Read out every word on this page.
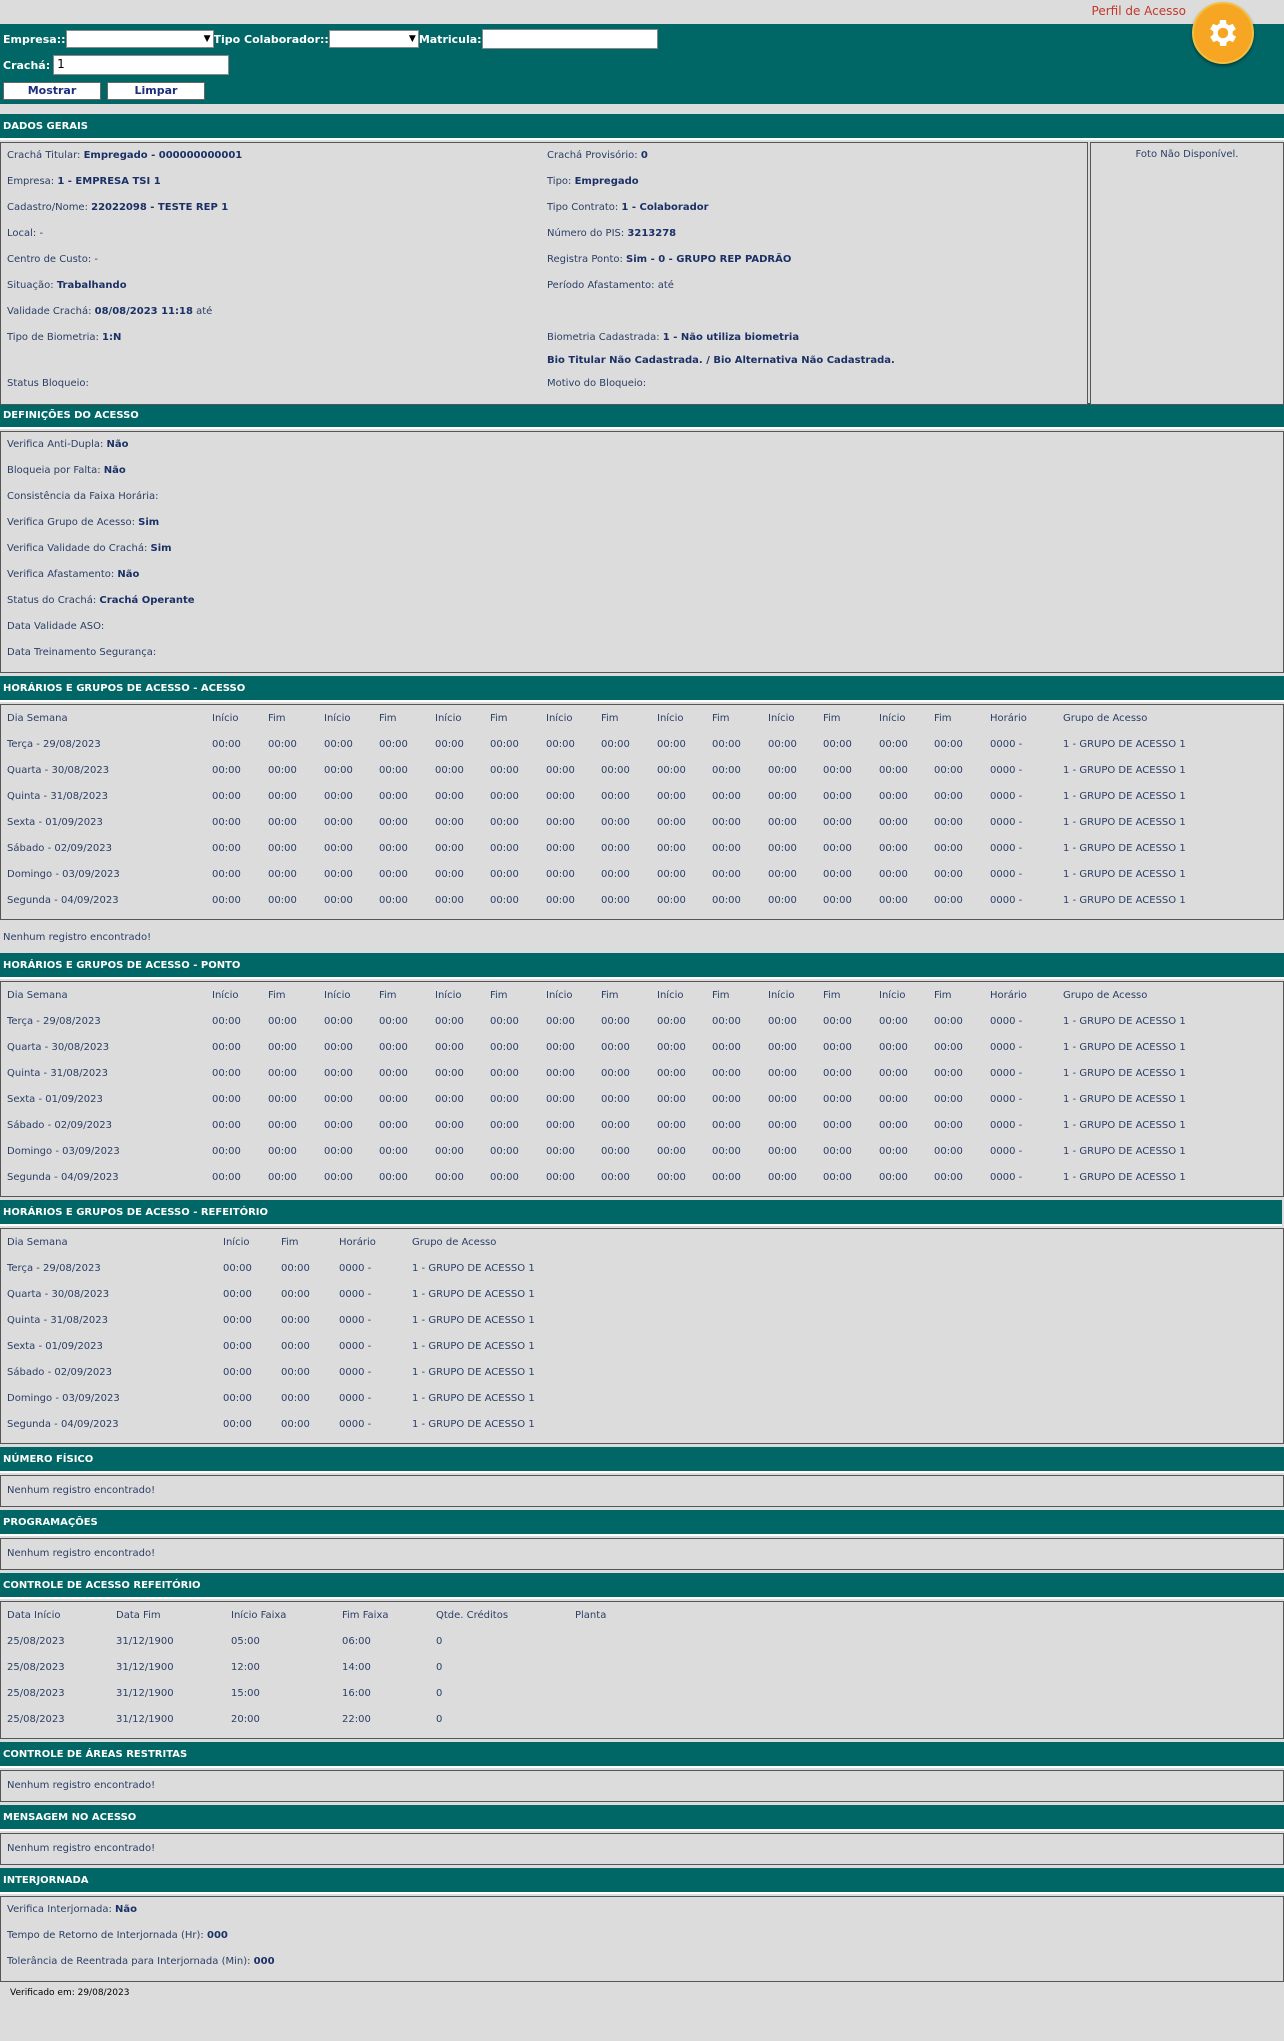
Perfil de Acesso
Empresa::	▼ Tipo Colaborador::	▼ Matricula:
Crachá: 1
Mostrar	Limpar
DADOS GERAIS
Crachá Titular: Empregado - 000000000001
Empresa: 1 - EMPRESA TSI 1
Cadastro/Nome: 22022098 - TESTE REP 1
Local: -
Centro de Custo: -
Situação: Trabalhando
Validade Crachá: 08/08/2023 11:18 até
Tipo de Biometria: 1:N
Crachá Provisório: 0
Tipo: Empregado
Tipo Contrato: 1 - Colaborador
Número do PIS: 3213278
Registra Ponto: Sim - 0 - GRUPO REP PADRÃO
Período Afastamento: até
Biometria Cadastrada: 1 - Não utiliza biometria
Bio Titular Não Cadastrada. / Bio Alternativa Não Cadastrada.
Status Bloqueio:	Motivo do Bloqueio:
Foto Não Disponível.
DEFINIÇÕES DO ACESSO
Verifica Anti-Dupla: Não
Bloqueia por Falta: Não
Consistência da Faixa Horária:
Verifica Grupo de Acesso: Sim
Verifica Validade do Crachá: Sim
Verifica Afastamento: Não
Status do Crachá: Crachá Operante
Data Validade ASO:
Data Treinamento Segurança:
HORÁRIOS E GRUPOS DE ACESSO - ACESSO
Dia Semana	Início	Fim	Início	Fim	Início	Fim	Início	Fim	Início	Fim	Início	Fim	Início	Fim	Horário	Grupo de Acesso
Terça - 29/08/2023	00:00	00:00	00:00	00:00	00:00	00:00	00:00	00:00	00:00	00:00	00:00	00:00	00:00	00:00	0000 -	1 - GRUPO DE ACESSO 1
Quarta - 30/08/2023	00:00	00:00	00:00	00:00	00:00	00:00	00:00	00:00	00:00	00:00	00:00	00:00	00:00	00:00	0000 -	1 - GRUPO DE ACESSO 1
Quinta - 31/08/2023	00:00	00:00	00:00	00:00	00:00	00:00	00:00	00:00	00:00	00:00	00:00	00:00	00:00	00:00	0000 -	1 - GRUPO DE ACESSO 1
Sexta - 01/09/2023	00:00	00:00	00:00	00:00	00:00	00:00	00:00	00:00	00:00	00:00	00:00	00:00	00:00	00:00	0000 -	1 - GRUPO DE ACESSO 1
Sábado - 02/09/2023	00:00	00:00	00:00	00:00	00:00	00:00	00:00	00:00	00:00	00:00	00:00	00:00	00:00	00:00	0000 -	1 - GRUPO DE ACESSO 1
Domingo - 03/09/2023	00:00	00:00	00:00	00:00	00:00	00:00	00:00	00:00	00:00	00:00	00:00	00:00	00:00	00:00	0000 -	1 - GRUPO DE ACESSO 1
Segunda - 04/09/2023	00:00	00:00	00:00	00:00	00:00	00:00	00:00	00:00	00:00	00:00	00:00	00:00	00:00	00:00	0000 -	1 - GRUPO DE ACESSO 1
Nenhum registro encontrado!
HORÁRIOS E GRUPOS DE ACESSO - PONTO
Dia Semana	Início	Fim	Início	Fim	Início	Fim	Início	Fim	Início	Fim	Início	Fim	Início	Fim	Horário	Grupo de Acesso
Terça - 29/08/2023	00:00	00:00	00:00	00:00	00:00	00:00	00:00	00:00	00:00	00:00	00:00	00:00	00:00	00:00	0000 -	1 - GRUPO DE ACESSO 1
Quarta - 30/08/2023	00:00	00:00	00:00	00:00	00:00	00:00	00:00	00:00	00:00	00:00	00:00	00:00	00:00	00:00	0000 -	1 - GRUPO DE ACESSO 1
Quinta - 31/08/2023	00:00	00:00	00:00	00:00	00:00	00:00	00:00	00:00	00:00	00:00	00:00	00:00	00:00	00:00	0000 -	1 - GRUPO DE ACESSO 1
Sexta - 01/09/2023	00:00	00:00	00:00	00:00	00:00	00:00	00:00	00:00	00:00	00:00	00:00	00:00	00:00	00:00	0000 -	1 - GRUPO DE ACESSO 1
Sábado - 02/09/2023	00:00	00:00	00:00	00:00	00:00	00:00	00:00	00:00	00:00	00:00	00:00	00:00	00:00	00:00	0000 -	1 - GRUPO DE ACESSO 1
Domingo - 03/09/2023	00:00	00:00	00:00	00:00	00:00	00:00	00:00	00:00	00:00	00:00	00:00	00:00	00:00	00:00	0000 -	1 - GRUPO DE ACESSO 1
Segunda - 04/09/2023	00:00	00:00	00:00	00:00	00:00	00:00	00:00	00:00	00:00	00:00	00:00	00:00	00:00	00:00	0000 -	1 - GRUPO DE ACESSO 1
HORÁRIOS E GRUPOS DE ACESSO - REFEITÓRIO
Dia Semana	Início	Fim	Horário	Grupo de Acesso
Terça - 29/08/2023	00:00	00:00	0000 -	1 - GRUPO DE ACESSO 1
Quarta - 30/08/2023	00:00	00:00	0000 -	1 - GRUPO DE ACESSO 1
Quinta - 31/08/2023	00:00	00:00	0000 -	1 - GRUPO DE ACESSO 1
Sexta - 01/09/2023	00:00	00:00	0000 -	1 - GRUPO DE ACESSO 1
Sábado - 02/09/2023	00:00	00:00	0000 -	1 - GRUPO DE ACESSO 1
Domingo - 03/09/2023	00:00	00:00	0000 -	1 - GRUPO DE ACESSO 1
Segunda - 04/09/2023	00:00	00:00	0000 -	1 - GRUPO DE ACESSO 1
NÚMERO FÍSICO
Nenhum registro encontrado!
PROGRAMAÇÕES
Nenhum registro encontrado!
CONTROLE DE ACESSO REFEITÓRIO
Data Início	Data Fim	Início Faixa	Fim Faixa	Qtde. Créditos	Planta
25/08/2023	31/12/1900	05:00	06:00	0	
25/08/2023	31/12/1900	12:00	14:00	0	
25/08/2023	31/12/1900	15:00	16:00	0	
25/08/2023	31/12/1900	20:00	22:00	0	
CONTROLE DE ÁREAS RESTRITAS
Nenhum registro encontrado!
MENSAGEM NO ACESSO
Nenhum registro encontrado!
INTERJORNADA
Verifica Interjornada: Não
Tempo de Retorno de Interjornada (Hr): 000
Tolerância de Reentrada para Interjornada (Min): 000
Verificado em: 29/08/2023
